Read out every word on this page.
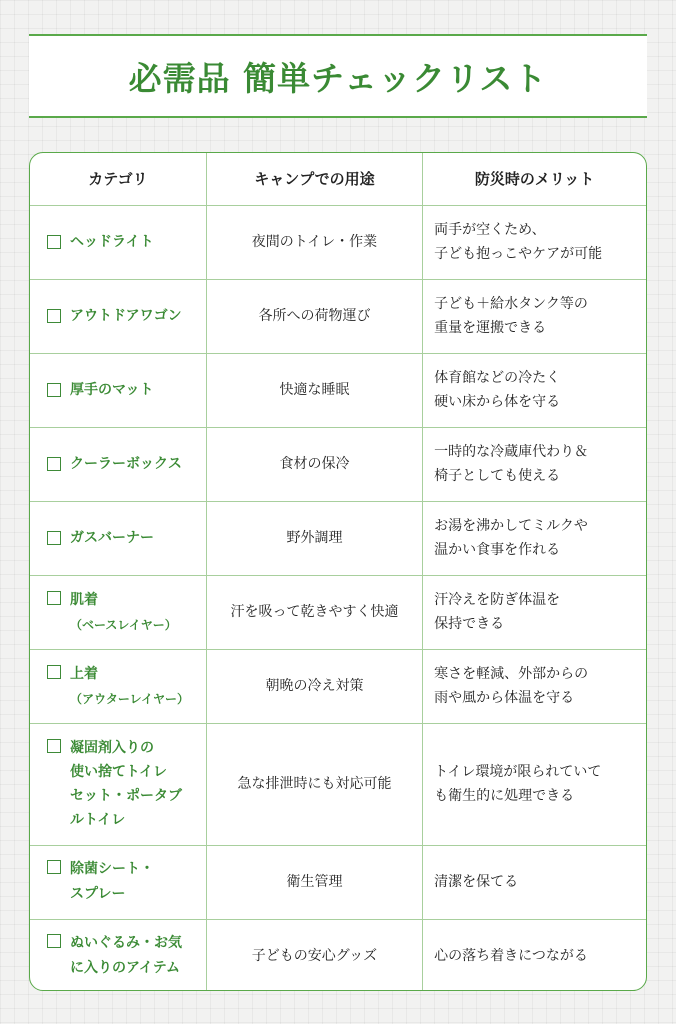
必需品 簡単チェックリスト
カテゴリ	キャンプでの用途	防災時のメリット

ヘッドライト	夜間のトイレ・作業	両手が空くため、
子ども抱っこやケアが可能

アウトドアワゴン	各所への荷物運び	子ども＋給水タンク等の
重量を運搬できる

厚手のマット	快適な睡眠	体育館などの冷たく
硬い床から体を守る

クーラーボックス	食材の保冷	一時的な冷蔵庫代わり＆
椅子としても使える

ガスバーナー	野外調理	お湯を沸かしてミルクや
温かい食事を作れる

肌着
（ベースレイヤー）	汗を吸って乾きやすく快適	汗冷えを防ぎ体温を
保持できる

上着
（アウターレイヤー）	朝晩の冷え対策	寒さを軽減、外部からの
雨や風から体温を守る

凝固剤入りの
使い捨てトイレ
セット・ポータブ
ルトイレ	急な排泄時にも対応可能	トイレ環境が限られていて
も衛生的に処理できる

除菌シート・
スプレー	衛生管理	清潔を保てる

ぬいぐるみ・お気
に入りのアイテム	子どもの安心グッズ	心の落ち着きにつながる
